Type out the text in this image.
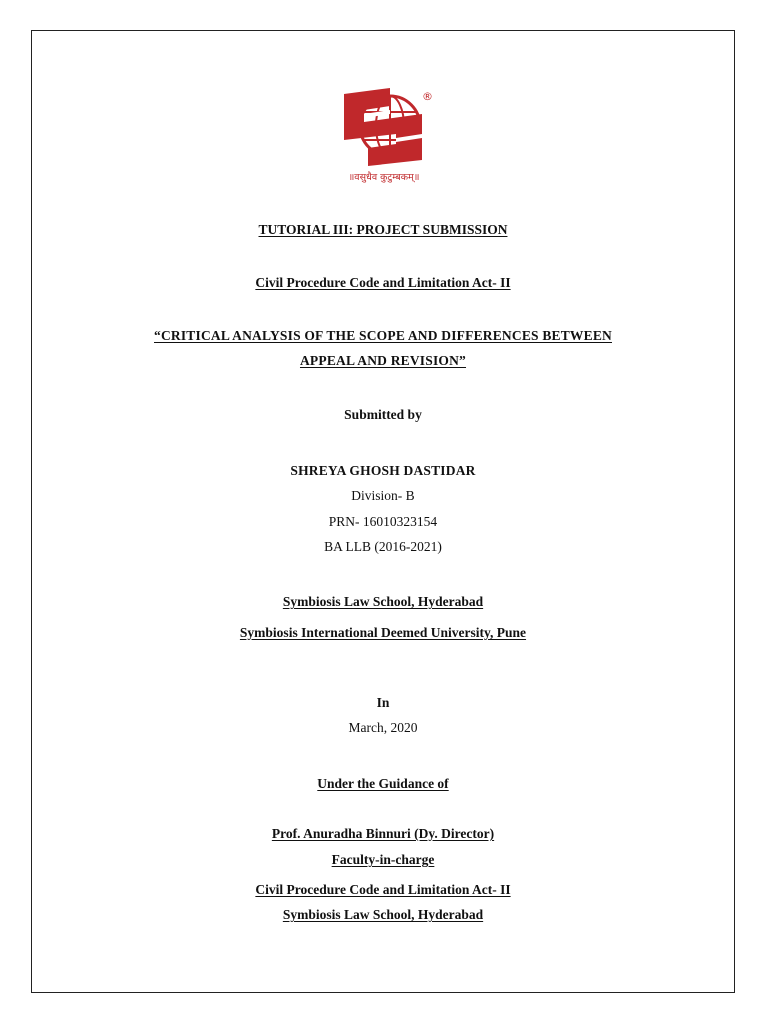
®
॥वसुधैव कुटुम्बकम्॥
TUTORIAL III: PROJECT SUBMISSION
Civil Procedure Code and Limitation Act- II
“CRITICAL ANALYSIS OF THE SCOPE AND DIFFERENCES BETWEEN
APPEAL AND REVISION”
Submitted by
SHREYA GHOSH DASTIDAR
Division- B
PRN- 16010323154
BA LLB (2016-2021)
Symbiosis Law School, Hyderabad
Symbiosis International Deemed University, Pune
In
March, 2020
Under the Guidance of
Prof. Anuradha Binnuri (Dy. Director)
Faculty-in-charge
Civil Procedure Code and Limitation Act- II
Symbiosis Law School, Hyderabad
